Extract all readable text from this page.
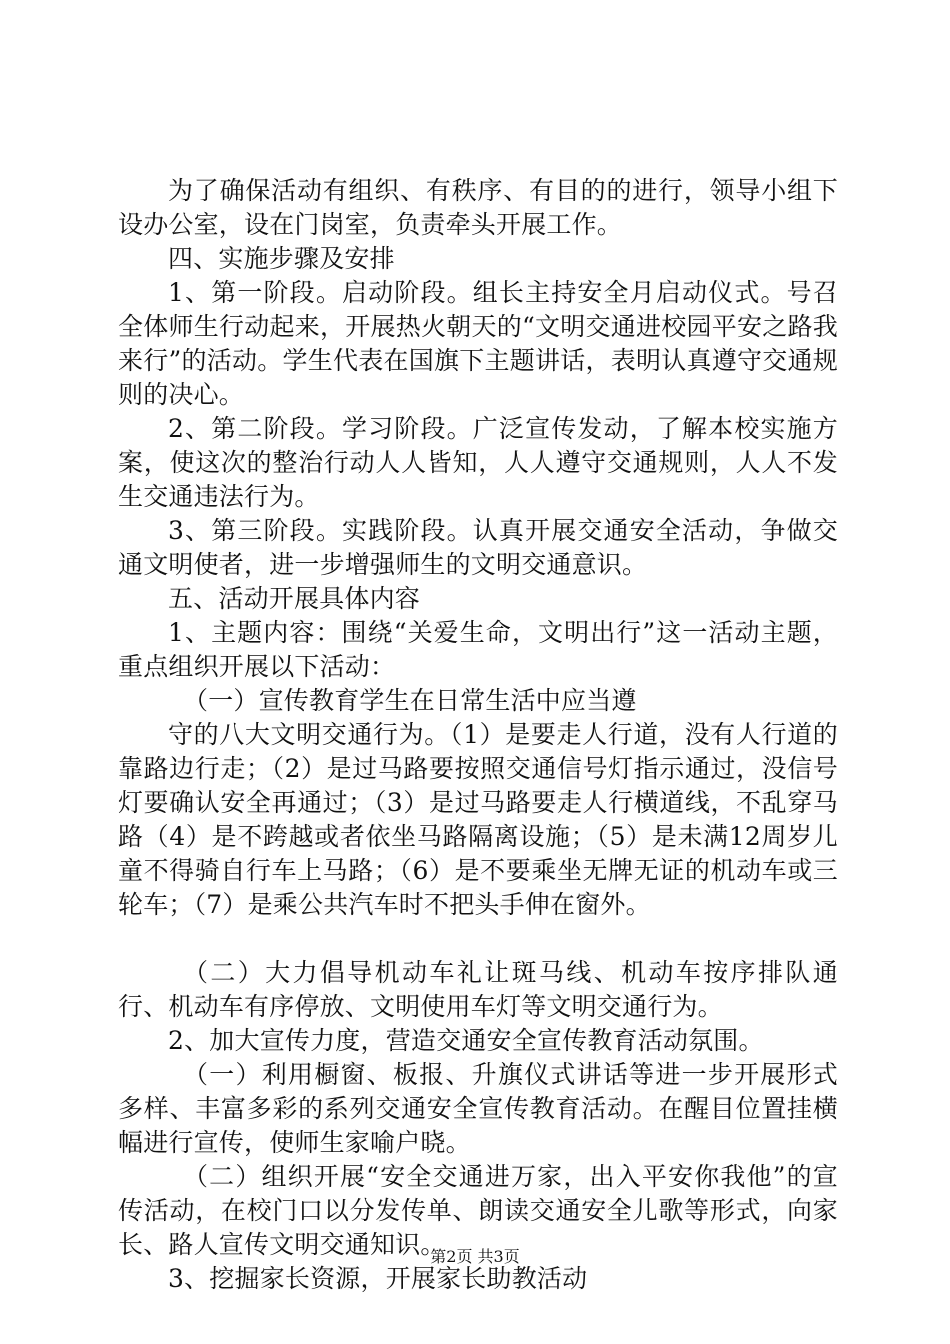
为了确保活动有组织、有秩序、有目的的进行，领导小组下设办公室，设在门岗室，负责牵头开展工作。

四、实施步骤及安排

1、第一阶段。启动阶段。组长主持安全月启动仪式。号召全体师生行动起来，开展热火朝天的“文明交通进校园平安之路我来行”的活动。学生代表在国旗下主题讲话，表明认真遵守交通规则的决心。

2、第二阶段。学习阶段。广泛宣传发动，了解本校实施方案，使这次的整治行动人人皆知，人人遵守交通规则，人人不发生交通违法行为。

3、第三阶段。实践阶段。认真开展交通安全活动，争做交通文明使者，进一步增强师生的文明交通意识。

五、活动开展具体内容

1、主题内容：围绕“关爱生命，文明出行”这一活动主题，重点组织开展以下活动：

（一）宣传教育学生在日常生活中应当遵

守的八大文明交通行为。（1）是要走人行道，没有人行道的靠路边行走；（2）是过马路要按照交通信号灯指示通过，没信号灯要确认安全再通过；（3）是过马路要走人行横道线，不乱穿马路（4）是不跨越或者依坐马路隔离设施；（5）是未满12周岁儿童不得骑自行车上马路；（6）是不要乘坐无牌无证的机动车或三轮车；（7）是乘公共汽车时不把头手伸在窗外。

（二）大力倡导机动车礼让斑马线、机动车按序排队通行、机动车有序停放、文明使用车灯等文明交通行为。

2、加大宣传力度，营造交通安全宣传教育活动氛围。

（一）利用橱窗、板报、升旗仪式讲话等进一步开展形式多样、丰富多彩的系列交通安全宣传教育活动。在醒目位置挂横幅进行宣传，使师生家喻户晓。

（二）组织开展“安全交通进万家，出入平安你我他”的宣传活动，在校门口以分发传单、朗读交通安全儿歌等形式，向家长、路人宣传文明交通知识。

3、挖掘家长资源，开展家长助教活动

第2页 共3页
